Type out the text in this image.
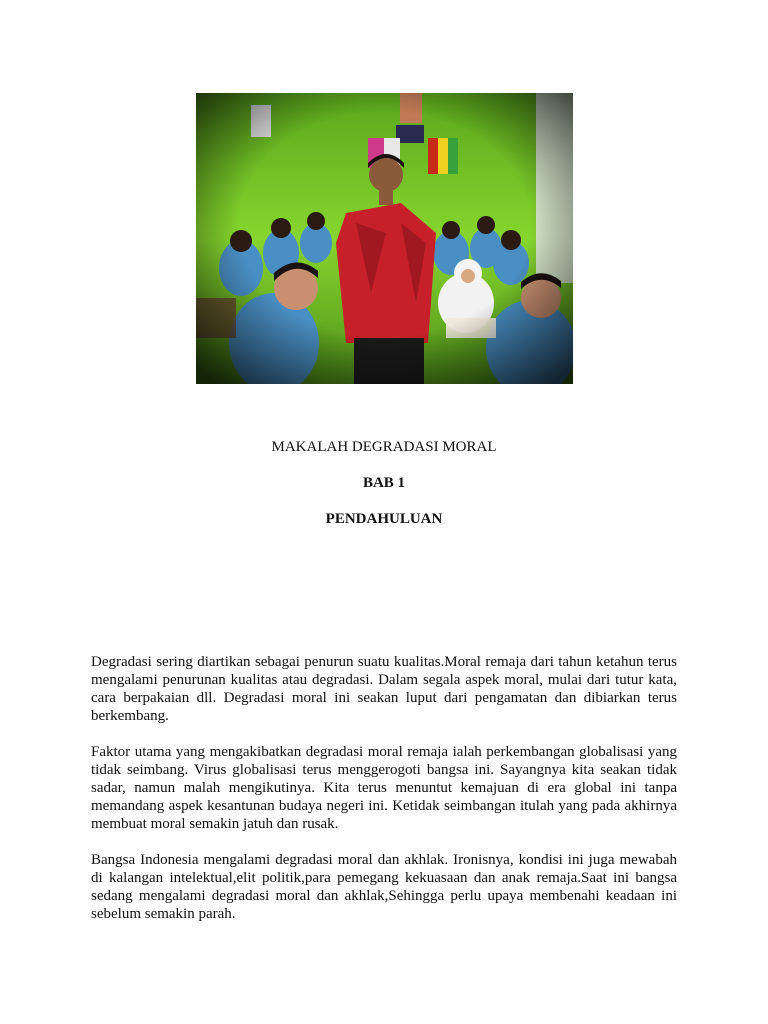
MAKALAH DEGRADASI MORAL
BAB 1
PENDAHULUAN

Degradasi sering diartikan sebagai penurun suatu kualitas.Moral remaja dari tahun ketahun terus mengalami penurunan kualitas atau degradasi. Dalam segala aspek moral, mulai dari tutur kata, cara berpakaian dll. Degradasi moral ini seakan luput dari pengamatan dan dibiarkan terus berkembang.

Faktor utama yang mengakibatkan degradasi moral remaja ialah perkembangan globalisasi yang tidak seimbang. Virus globalisasi terus menggerogoti bangsa ini. Sayangnya kita seakan tidak sadar, namun malah mengikutinya. Kita terus menuntut kemajuan di era global ini tanpa memandang aspek kesantunan budaya negeri ini. Ketidak seimbangan itulah yang pada akhirnya membuat moral semakin jatuh dan rusak.

Bangsa Indonesia mengalami degradasi moral dan akhlak. Ironisnya, kondisi ini juga mewabah di kalangan intelektual,elit politik,para pemegang kekuasaan dan anak remaja.Saat ini bangsa sedang mengalami degradasi moral dan akhlak,Sehingga perlu upaya membenahi keadaan ini sebelum semakin parah.
